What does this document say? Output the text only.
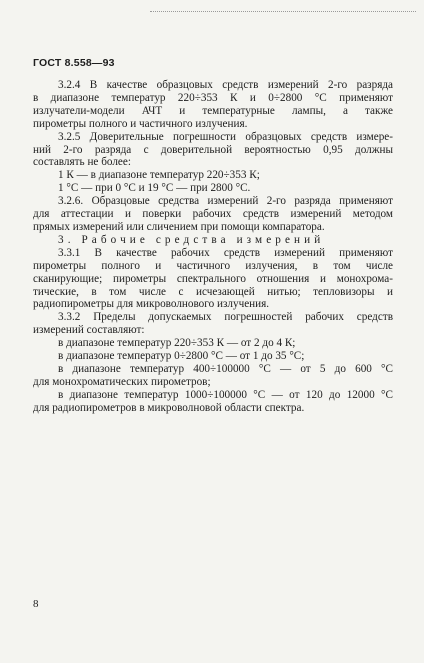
ГОСТ 8.558—93

3.2.4 В качестве образцовых средств измерений 2-го разряда
в диапазоне температур 220÷353 К и 0÷2800 °С применяют
излучатели-модели АЧТ и температурные лампы, а также
пирометры полного и частичного излучения.

3.2.5 Доверительные погрешности образцовых средств измере-
ний 2-го разряда с доверительной вероятностью 0,95 должны
составлять не более:
1 К — в диапазоне температур 220÷353 К;
1 °С — при 0 °С и 19 °С — при 2800 °С.

3.2.6. Образцовые средства измерений 2-го разряда применяют
для аттестации и поверки рабочих средств измерений методом
прямых измерений или сличением при помощи компаратора.

3. Рабочие средства измерений

3.3.1 В качестве рабочих средств измерений применяют
пирометры полного и частичного излучения, в том числе
сканирующие; пирометры спектрального отношения и монохрома-
тические, в том числе с исчезающей нитью; тепловизоры и
радиопирометры для микроволнового излучения.

3.3.2 Пределы допускаемых погрешностей рабочих средств
измерений составляют:
в диапазоне температур 220÷353 К — от 2 до 4 К;
в диапазоне температур 0÷2800 °С — от 1 до 35 °С;
в диапазоне температур 400÷100000 °С — от 5 до 600 °С
для монохроматических пирометров;
в диапазоне температур 1000÷100000 °С — от 120 до 12000 °С
для радиопирометров в микроволновой области спектра.

8
